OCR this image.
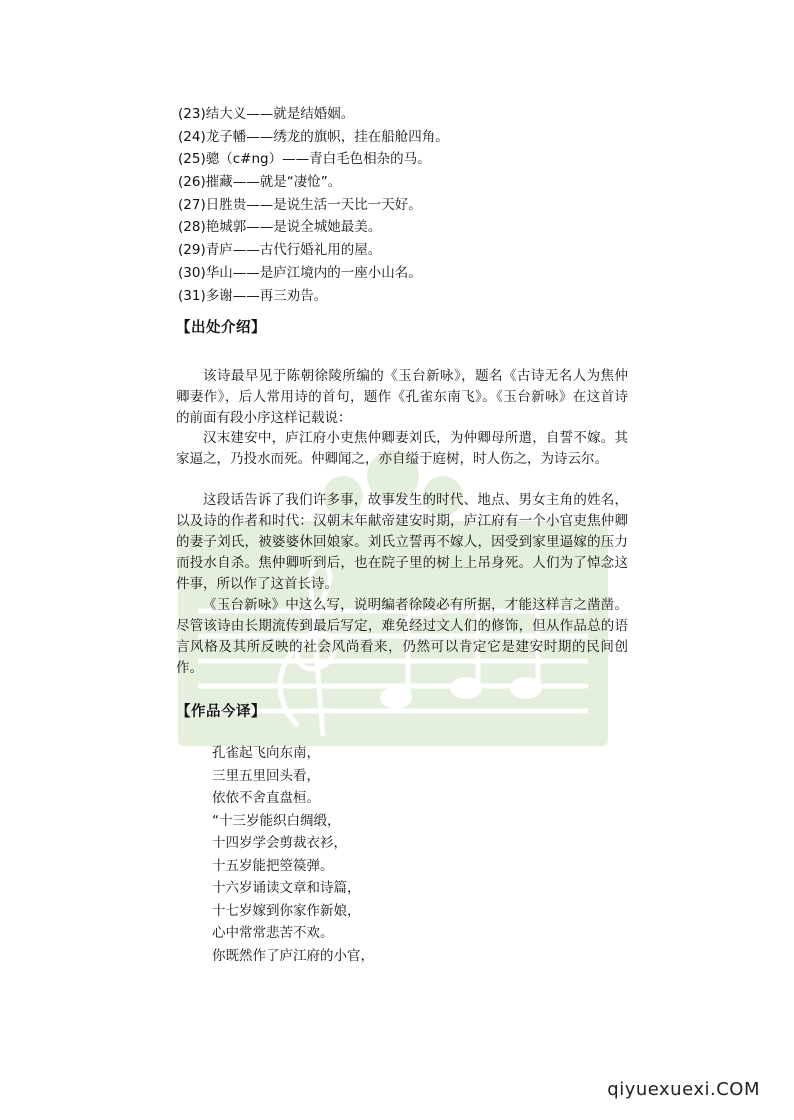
(23)结大义——就是结婚姻。
(24)龙子幡——绣龙的旗帜，挂在船舱四角。
(25)骢（c#ng）——青白毛色相杂的马。
(26)摧藏——就是“凄怆”。
(27)日胜贵——是说生活一天比一天好。
(28)艳城郭——是说全城她最美。
(29)青庐——古代行婚礼用的屋。
(30)华山——是庐江境内的一座小山名。
(31)多谢——再三劝告。
【出处介绍】

该诗最早见于陈朝徐陵所编的《玉台新咏》，题名《古诗无名人为焦仲卿妻作》，后人常用诗的首句，题作《孔雀东南飞》。《玉台新咏》在这首诗的前面有段小序这样记载说：

汉末建安中，庐江府小吏焦仲卿妻刘氏，为仲卿母所遣，自誓不嫁。其家逼之，乃投水而死。仲卿闻之，亦自缢于庭树，时人伤之，为诗云尔。

这段话告诉了我们许多事，故事发生的时代、地点、男女主角的姓名，以及诗的作者和时代：汉朝末年献帝建安时期，庐江府有一个小官吏焦仲卿的妻子刘氏，被婆婆休回娘家。刘氏立誓再不嫁人，因受到家里逼嫁的压力而投水自杀。焦仲卿听到后，也在院子里的树上上吊身死。人们为了悼念这件事，所以作了这首长诗。

《玉台新咏》中这么写，说明编者徐陵必有所据，才能这样言之凿凿。尽管该诗由长期流传到最后写定，难免经过文人们的修饰，但从作品总的语言风格及其所反映的社会风尚看来，仍然可以肯定它是建安时期的民间创作。

【作品今译】
孔雀起飞向东南，
三里五里回头看，
依依不舍直盘桓。
“十三岁能织白绸缎，
十四岁学会剪裁衣衫，
十五岁能把箜篌弹。
十六岁诵读文章和诗篇，
十七岁嫁到你家作新娘，
心中常常悲苦不欢。
你既然作了庐江府的小官，
qiyuexuexi.COM
